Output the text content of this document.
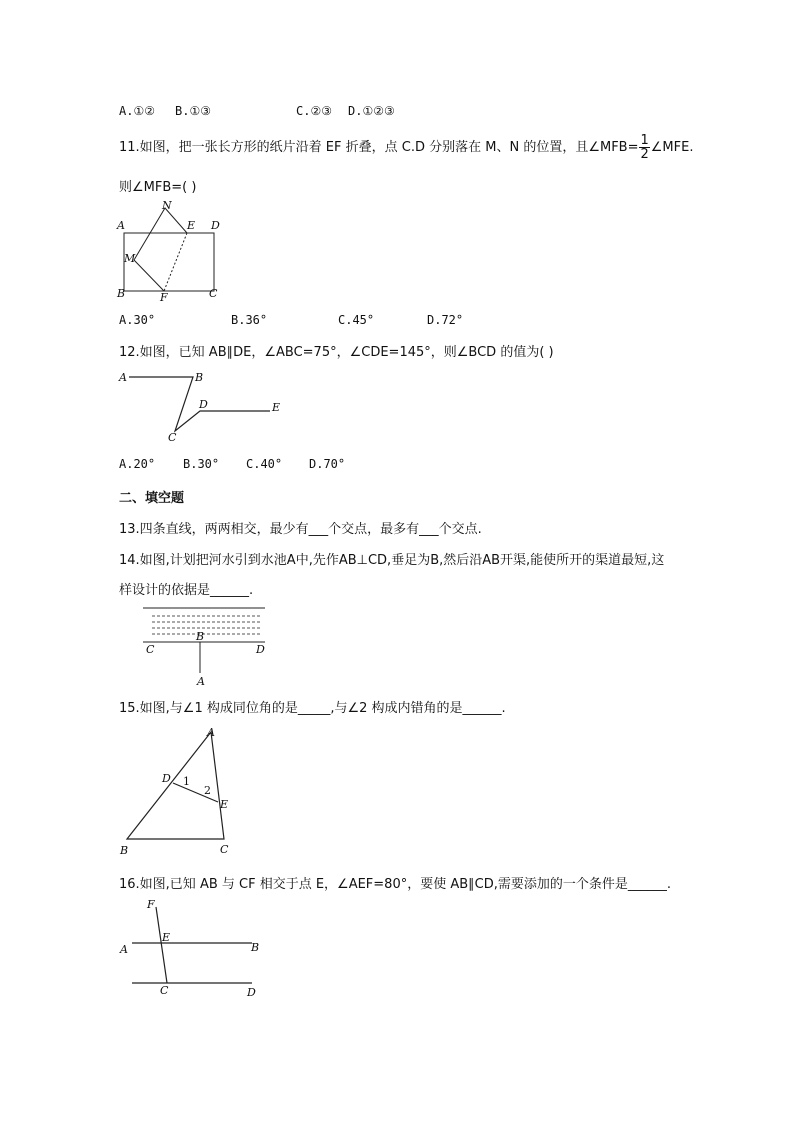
A.①② B.①③	C.②③ D.①②③
11.如图，把一张长方形的纸片沿着 EF 折叠，点 C.D 分别落在 M、N 的位置，且∠MFB= $\frac{1}{2}$ ∠MFE.
则∠MFB=( )
A
B	C
D
E
F
M
N
A.30°	B.36°	C.45°	D.72°
12.如图，已知 AB∥DE，∠ABC=75°，∠CDE=145°，则∠BCD 的值为( )
A	B
C
D	E
A.20° B.30° C.40° D.70°
二、填空题
13.四条直线，两两相交，最少有___个交点，最多有___个交点.
14.如图,计划把河水引到水池A中,先作AB⊥CD,垂足为B,然后沿AB开渠,能使所开的渠道最短,这
样设计的依据是______.
B
C	D
A
15.如图,与∠1 构成同位角的是_____,与∠2 构成内错角的是______.
A
B	C
D
E
1
2
16.如图,已知 AB 与 CF 相交于点 E，∠AEF=80°，要使 AB∥CD,需要添加的一个条件是______.
F
E
A	B
C	D
